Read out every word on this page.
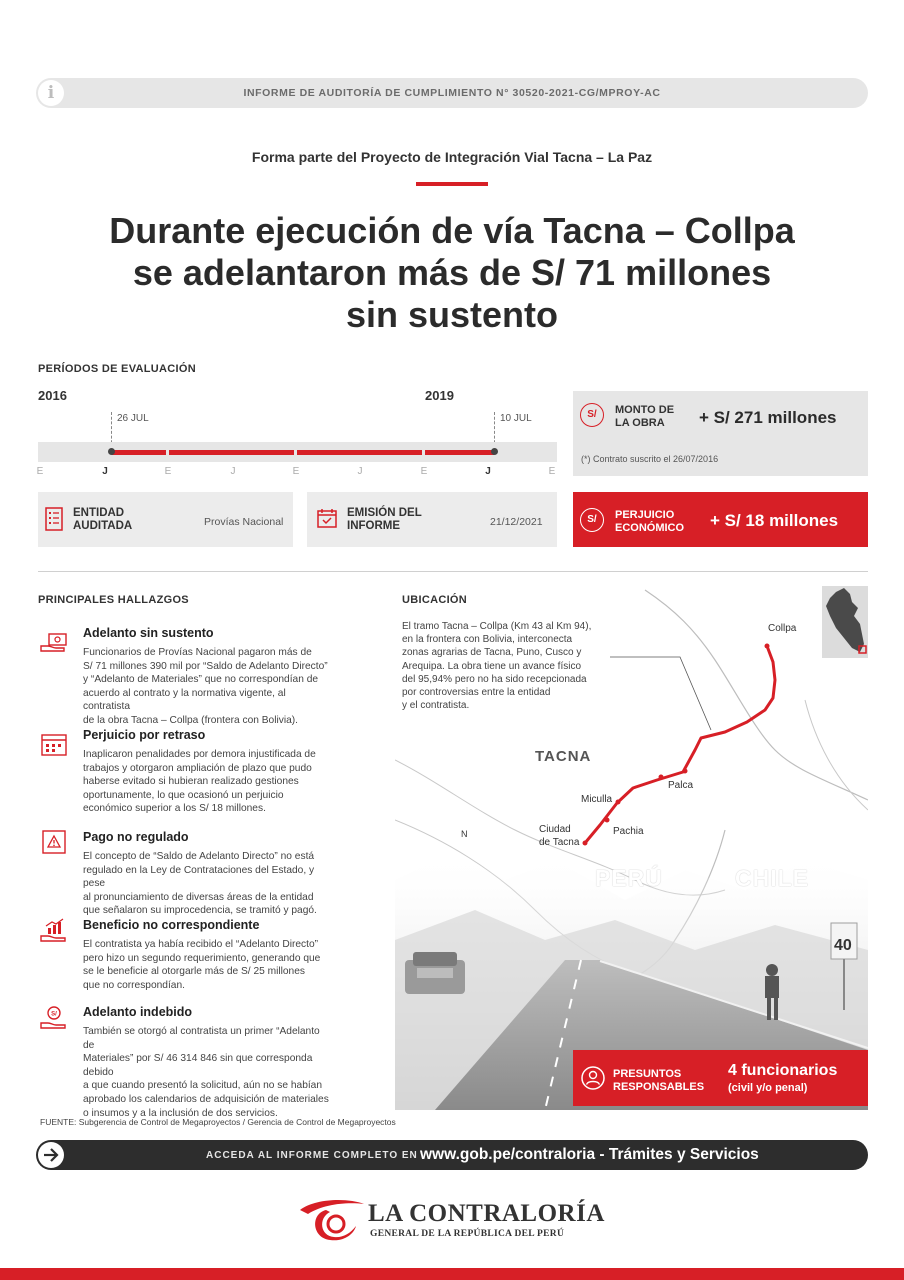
i	INFORME DE AUDITORÍA DE CUMPLIMIENTO N° 30520-2021-CG/MPROY-AC
Forma parte del Proyecto de Integración Vial Tacna – La Paz
Durante ejecución de vía Tacna – Collpa
se adelantaron más de S/ 71 millones
sin sustento
PERÍODOS DE EVALUACIÓN
2016	2019
26 JUL	10 JUL
E	J	E	J	E	J	E	J	E
ENTIDAD
AUDITADA	Provías Nacional
EMISIÓN DEL
INFORME	21/12/2021
S/	MONTO DE
LA OBRA	+ S/ 271 millones
(*) Contrato suscrito el 26/07/2016
S/	PERJUICIO
ECONÓMICO + S/ 18 millones
UBICACIÓN
El tramo Tacna – Collpa (Km 43 al Km 94),
en la frontera con Bolivia, interconecta
zonas agrarias de Tacna, Puno, Cusco y
Arequipa. La obra tiene un avance físico
del 95,94% pero no ha sido recepcionada
por controversias entre la entidad
y el contratista.
Collpa
TACNA
Palca
Miculla
Pachia
Ciudad
de Tacna
N
PERÚ	CHILE
40
PRINCIPALES HALLAZGOS
Adelanto sin sustento
Funcionarios de Provías Nacional pagaron más de
S/ 71 millones 390 mil por “Saldo de Adelanto Directo”
y “Adelanto de Materiales” que no correspondían de
acuerdo al contrato y la normativa vigente, al contratista
de la obra Tacna – Collpa (frontera con Bolivia).
Perjuicio por retraso
Inaplicaron penalidades por demora injustificada de
trabajos y otorgaron ampliación de plazo que pudo
haberse evitado si hubieran realizado gestiones
oportunamente, lo que ocasionó un perjuicio
económico superior a los S/ 18 millones.
Pago no regulado
El concepto de “Saldo de Adelanto Directo” no está
regulado en la Ley de Contrataciones del Estado, y pese
al pronunciamiento de diversas áreas de la entidad
que señalaron su improcedencia, se tramitó y pagó.
Beneficio no correspondiente
El contratista ya había recibido el “Adelanto Directo”
pero hizo un segundo requerimiento, generando que
se le beneficie al otorgarle más de S/ 25 millones
que no correspondían.
S/ Adelanto indebido
También se otorgó al contratista un primer “Adelanto de
Materiales” por S/ 46 314 846 sin que corresponda debido
a que cuando presentó la solicitud, aún no se habían
aprobado los calendarios de adquisición de materiales
o insumos y a la inclusión de dos servicios.
PRESUNTOS
RESPONSABLES
4 funcionarios
(civil y/o penal)
FUENTE: Subgerencia de Control de Megaproyectos / Gerencia de Control de Megaproyectos
ACCEDA AL INFORME COMPLETO EN www.gob.pe/contraloria - Trámites y Servicios
LA CONTRALORÍA
GENERAL DE LA REPÚBLICA DEL PERÚ
